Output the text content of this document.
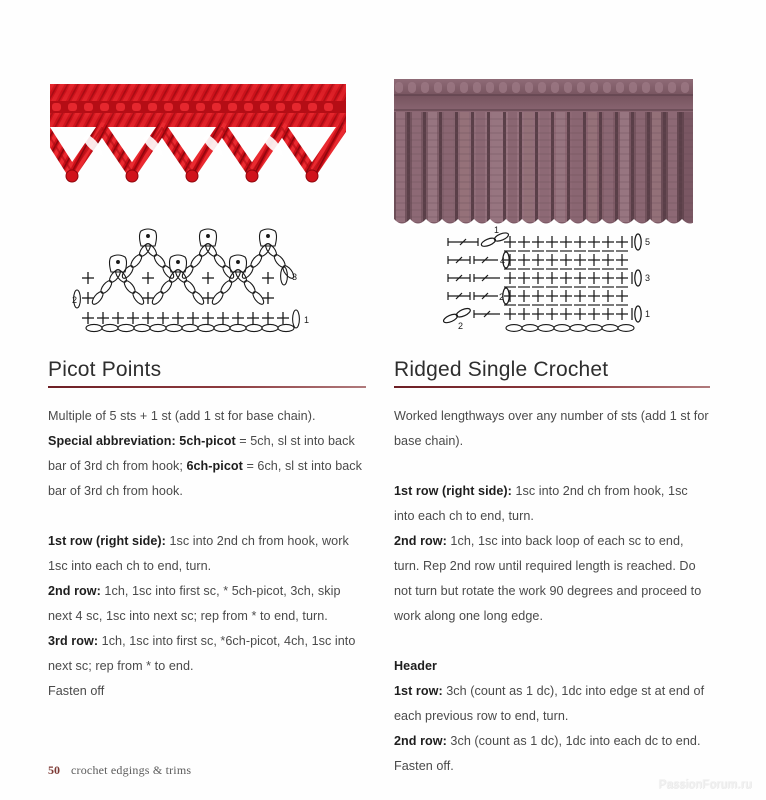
1
2
3
1
2
3
4
5
1
2
Picot Points	Ridged Single Crochet

Multiple of 5 sts + 1 st (add 1 st for base chain).

Special abbreviation: 5ch-picot = 5ch, sl st into back bar of 3rd ch from hook; 6ch-picot = 6ch, sl st into back bar of 3rd ch from hook.

1st row (right side): 1sc into 2nd ch from hook, work 1sc into each ch to end, turn.

2nd row: 1ch, 1sc into first sc, * 5ch-picot, 3ch, skip next 4 sc, 1sc into next sc; rep from * to end, turn.

3rd row: 1ch, 1sc into first sc, *6ch-picot, 4ch, 1sc into next sc; rep from * to end.

Fasten off

Worked lengthways over any number of sts (add 1 st for base chain).

1st row (right side): 1sc into 2nd ch from hook, 1sc into each ch to end, turn.

2nd row: 1ch, 1sc into back loop of each sc to end, turn. Rep 2nd row until required length is reached. Do not turn but rotate the work 90 degrees and proceed to work along one long edge.

Header

1st row: 3ch (count as 1 dc), 1dc into edge st at end of each previous row to end, turn.

2nd row: 3ch (count as 1 dc), 1dc into each dc to end.

Fasten off.

50 crochet edgings & trims
PassionForum.ru
